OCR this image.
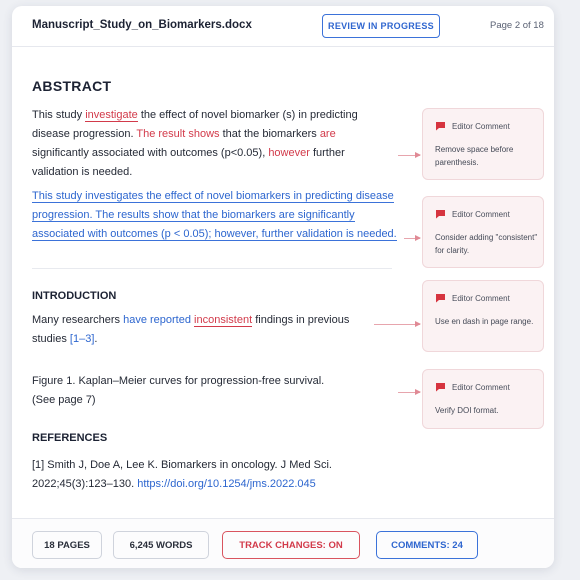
Manuscript_Study_on_Biomarkers.docx	REVIEW IN PROGRESS	Page 2 of 18
ABSTRACT
This study investigate the effect of novel biomarker (s) in predicting disease progression. The result shows that the biomarkers are significantly associated with outcomes (p<0.05), however further validation is needed.
This study investigates the effect of novel biomarkers in predicting disease progression. The results show that the biomarkers are significantly associated with outcomes (p < 0.05); however, further validation is needed.
INTRODUCTION
Many researchers have reported inconsistent findings in previous studies [1–3].
Figure 1. Kaplan–Meier curves for progression-free survival.
(See page 7)
REFERENCES
[1] Smith J, Doe A, Lee K. Biomarkers in oncology. J Med Sci. 2022;45(3):123–130. https://doi.org/10.1254/jms.2022.045
Editor Comment
Remove space before parenthesis.
Editor Comment
Consider adding "consistent" for clarity.
Editor Comment
Use en dash in page range.
Editor Comment
Verify DOI format.
18 PAGES	6,245 WORDS	TRACK CHANGES: ON	COMMENTS: 24
